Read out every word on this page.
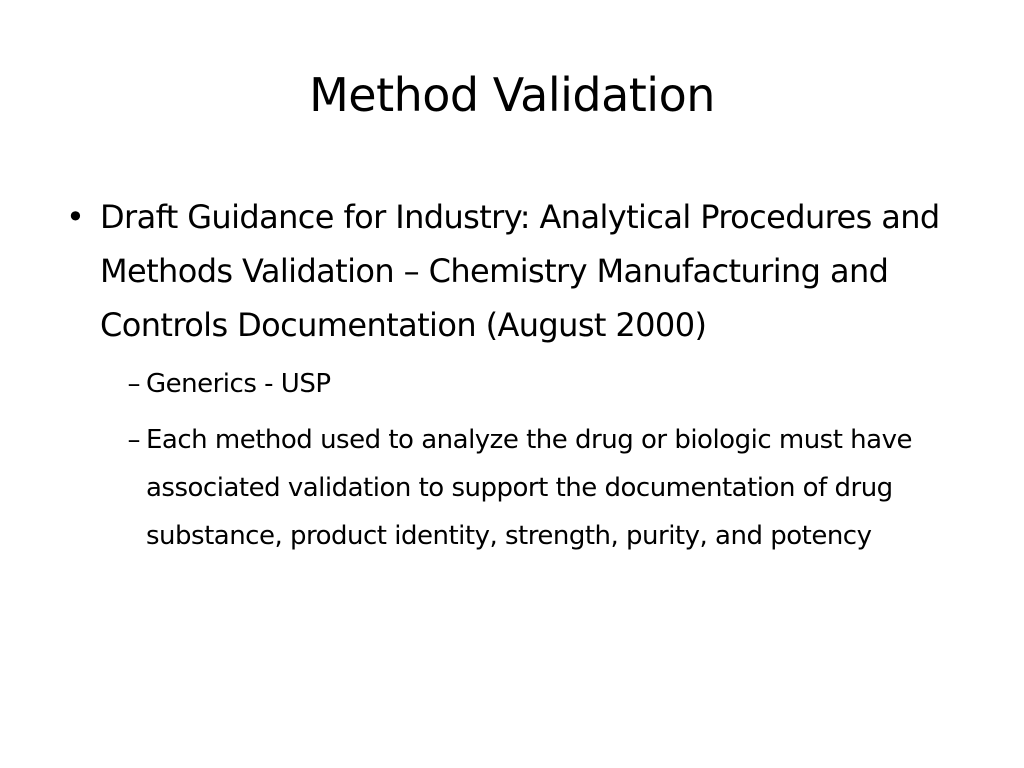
Method Validation
• Draft Guidance for Industry: Analytical Procedures and Methods Validation – Chemistry Manufacturing and Controls Documentation (August 2000)
– Generics - USP
– Each method used to analyze the drug or biologic must have associated validation to support the documentation of drug substance, product identity, strength, purity, and potency
